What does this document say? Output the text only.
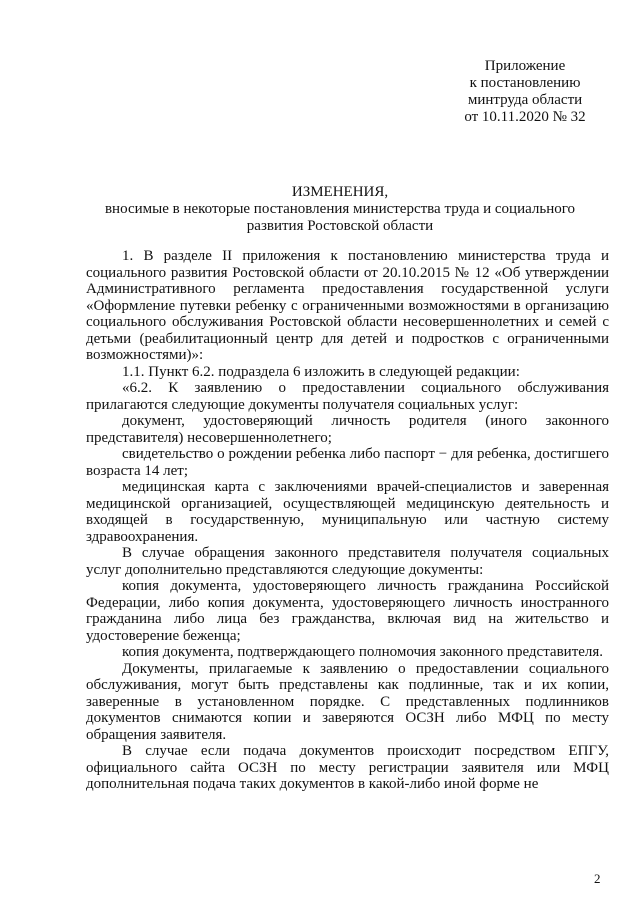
Приложение
к постановлению
минтруда области
от 10.11.2020 № 32
ИЗМЕНЕНИЯ,
вносимые в некоторые постановления министерства труда и социального
развития Ростовской области

1. В разделе II приложения к постановлению министерства труда и социального развития Ростовской области от 20.10.2015 № 12 «Об утверждении Административного регламента предоставления государственной услуги «Оформление путевки ребенку с ограниченными возможностями в организацию социального обслуживания Ростовской области несовершеннолетних и семей с детьми (реабилитационный центр для детей и подростков с ограниченными возможностями)»:

1.1. Пункт 6.2. подраздела 6 изложить в следующей редакции:

«6.2. К заявлению о предоставлении социального обслуживания прилагаются следующие документы получателя социальных услуг:

документ, удостоверяющий личность родителя (иного законного представителя) несовершеннолетнего;

свидетельство о рождении ребенка либо паспорт − для ребенка, достигшего возраста 14 лет;

медицинская карта с заключениями врачей-специалистов и заверенная медицинской организацией, осуществляющей медицинскую деятельность и входящей в государственную, муниципальную или частную систему здравоохранения.

В случае обращения законного представителя получателя социальных услуг дополнительно представляются следующие документы:

копия документа, удостоверяющего личность гражданина Российской Федерации, либо копия документа, удостоверяющего личность иностранного гражданина либо лица без гражданства, включая вид на жительство и удостоверение беженца;

копия документа, подтверждающего полномочия законного представителя.

Документы, прилагаемые к заявлению о предоставлении социального обслуживания, могут быть представлены как подлинные, так и их копии, заверенные в установленном порядке. С представленных подлинников документов снимаются копии и заверяются ОСЗН либо МФЦ по месту обращения заявителя.

В случае если подача документов происходит посредством ЕПГУ, официального сайта ОСЗН по месту регистрации заявителя или МФЦ дополнительная подача таких документов в какой-либо иной форме не

2
